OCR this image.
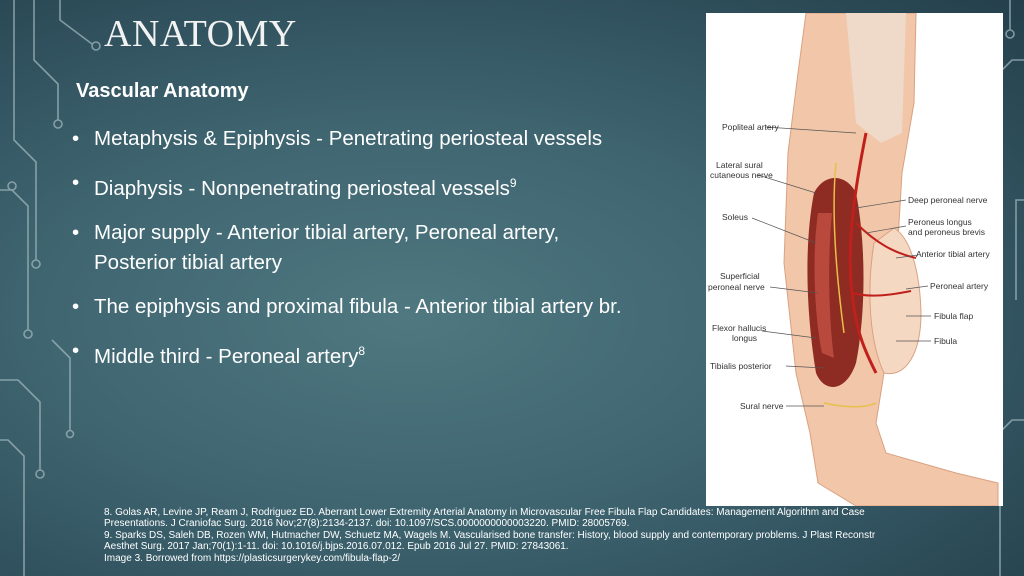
ANATOMY
Vascular Anatomy
• Metaphysis & Epiphysis - Penetrating periosteal vessels
• Diaphysis - Nonpenetrating periosteal vessels$^9$
• Major supply - Anterior tibial artery, Peroneal artery,
Posterior tibial artery
• The epiphysis and proximal fibula - Anterior tibial artery br.
• Middle third - Peroneal artery$^8$
Popliteal artery
Lateral sural
cutaneous nerve
Soleus
Deep peroneal nerve
Peroneus longus
and peroneus brevis
Anterior tibial artery
Superficial
peroneal nerve	Peroneal artery
Fibula flap
Flexor hallucis
longus	Fibula
Tibialis posterior
Sural nerve
8. Golas AR, Levine JP, Ream J, Rodriguez ED. Aberrant Lower Extremity Arterial Anatomy in Microvascular Free Fibula Flap Candidates: Management Algorithm and Case
Presentations. J Craniofac Surg. 2016 Nov;27(8):2134-2137. doi: 10.1097/SCS.0000000000003220. PMID: 28005769.
9. Sparks DS, Saleh DB, Rozen WM, Hutmacher DW, Schuetz MA, Wagels M. Vascularised bone transfer: History, blood supply and contemporary problems. J Plast Reconstr
Aesthet Surg. 2017 Jan;70(1):1-11. doi: 10.1016/j.bjps.2016.07.012. Epub 2016 Jul 27. PMID: 27843061.
Image 3. Borrowed from https://plasticsurgerykey.com/fibula-flap-2/
